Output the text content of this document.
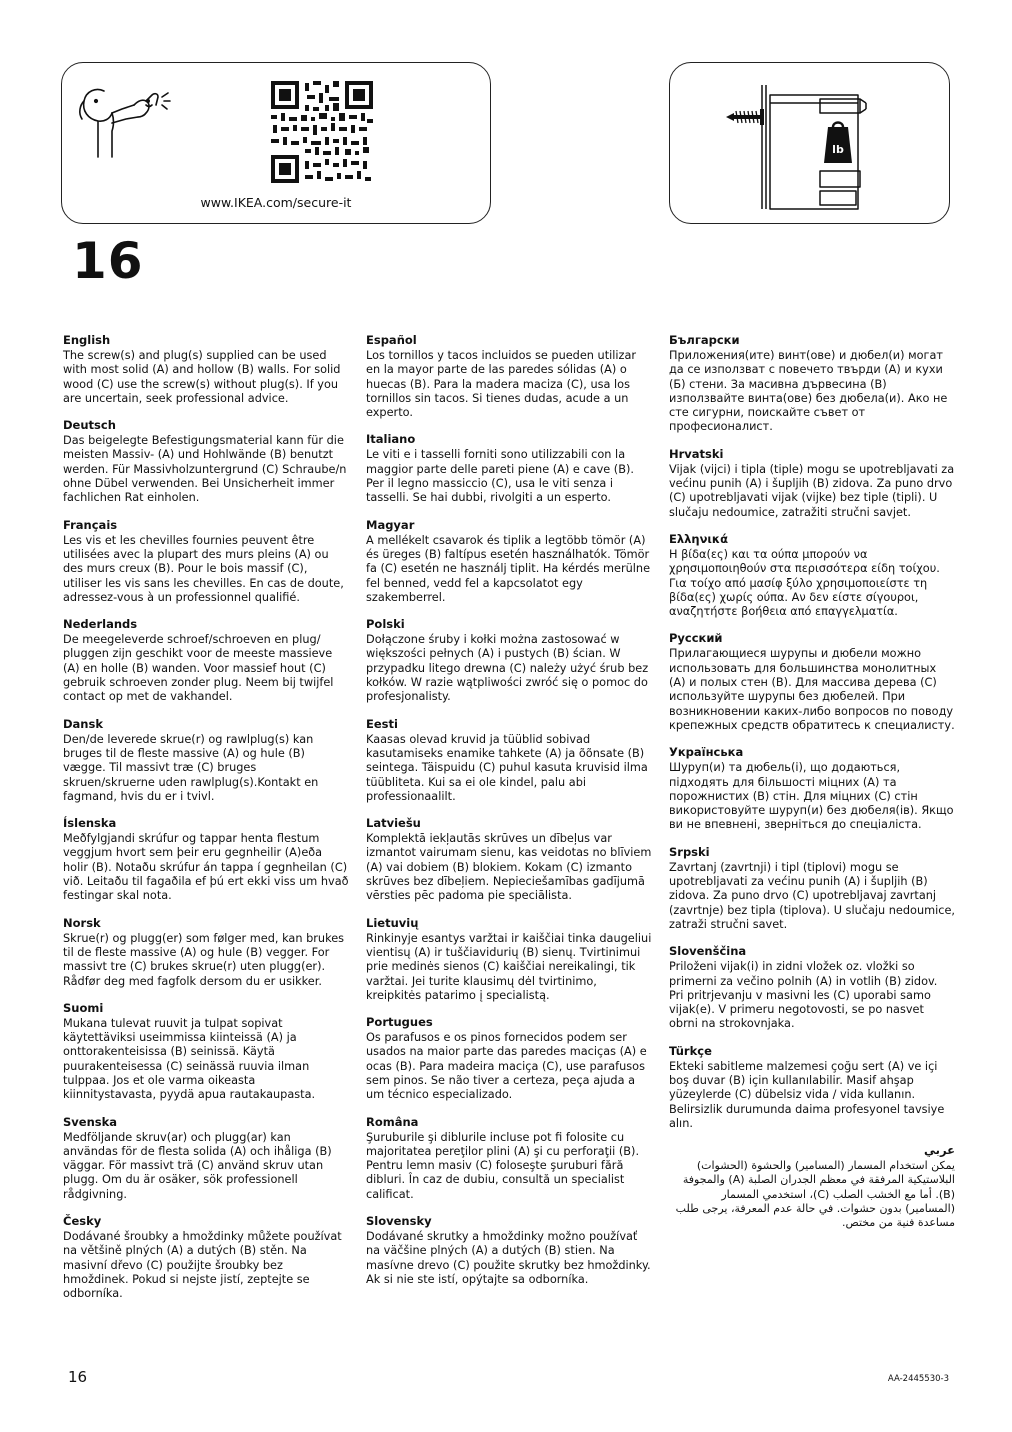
www.IKEA.com/secure-it
lb
16
English

The screw(s) and plug(s) supplied can be used with most solid (A) and hollow (B) walls. For solid wood (C) use the screw(s) without plug(s). If you are uncertain, seek professional advice.

Deutsch

Das beigelegte Befestigungsmaterial kann für die meisten Massiv- (A) und Hohlwände (B) benutzt werden. Für Massivholzuntergrund (C) Schraube/n ohne Dübel verwenden. Bei Unsicherheit immer fachlichen Rat einholen.

Français

Les vis et les chevilles fournies peuvent être utilisées avec la plupart des murs pleins (A) ou des murs creux (B). Pour le bois massif (C), utiliser les vis sans les chevilles. En cas de doute, adressez-vous à un professionnel qualifié.

Nederlands

De meegeleverde schroef/schroeven en plug/ pluggen zijn geschikt voor de meeste massieve (A) en holle (B) wanden. Voor massief hout (C) gebruik schroeven zonder plug. Neem bij twijfel contact op met de vakhandel.

Dansk

Den/de leverede skrue(r) og rawlplug(s) kan bruges til de fleste massive (A) og hule (B) vægge. Til massivt træ (C) bruges skruen/skruerne uden rawlplug(s).Kontakt en fagmand, hvis du er i tvivl.

Íslenska

Meðfylgjandi skrúfur og tappar henta flestum veggjum hvort sem þeir eru gegnheilir (A)eða holir (B). Notaðu skrúfur án tappa í gegnheilan (C) við. Leitaðu til fagaðila ef þú ert ekki viss um hvað festingar skal nota.

Norsk

Skrue(r) og plugg(er) som følger med, kan brukes til de fleste massive (A) og hule (B) vegger. For massivt tre (C) brukes skrue(r) uten plugg(er). Rådfør deg med fagfolk dersom du er usikker.

Suomi

Mukana tulevat ruuvit ja tulpat sopivat käytettäviksi useimmissa kiinteissä (A) ja onttorakenteisissa (B) seinissä. Käytä puurakenteisessa (C) seinässä ruuvia ilman tulppaa. Jos et ole varma oikeasta kiinnitystavasta, pyydä apua rautakaupasta.

Svenska

Medföljande skruv(ar) och plugg(ar) kan användas för de flesta solida (A) och ihåliga (B) väggar. För massivt trä (C) använd skruv utan plugg. Om du är osäker, sök professionell rådgivning.

Česky

Dodávané šroubky a hmoždinky můžete používat na většině plných (A) a dutých (B) stěn. Na masivní dřevo (C) použijte šroubky bez hmoždinek. Pokud si nejste jistí, zeptejte se odborníka.

Español

Los tornillos y tacos incluidos se pueden utilizar en la mayor parte de las paredes sólidas (A) o huecas (B). Para la madera maciza (C), usa los tornillos sin tacos. Si tienes dudas, acude a un experto.

Italiano

Le viti e i tasselli forniti sono utilizzabili con la maggior parte delle pareti piene (A) e cave (B). Per il legno massiccio (C), usa le viti senza i tasselli. Se hai dubbi, rivolgiti a un esperto.

Magyar

A mellékelt csavarok és tiplik a legtöbb tömör (A) és üreges (B) faltípus esetén használhatók. Tömör fa (C) esetén ne használj tiplit. Ha kérdés merülne fel benned, vedd fel a kapcsolatot egy szakemberrel.

Polski

Dołączone śruby i kołki można zastosować w większości pełnych (A) i pustych (B) ścian. W przypadku litego drewna (C) należy użyć śrub bez kołków. W razie wątpliwości zwróć się o pomoc do profesjonalisty.

Eesti

Kaasas olevad kruvid ja tüüblid sobivad kasutamiseks enamike tahkete (A) ja õõnsate (B) seintega. Täispuidu (C) puhul kasuta kruvisid ilma tüübliteta. Kui sa ei ole kindel, palu abi professionaalilt.

Latviešu

Komplektā iekļautās skrūves un dībeļus var izmantot vairumam sienu, kas veidotas no blīviem (A) vai dobiem (B) blokiem. Kokam (C) izmanto skrūves bez dībeļiem. Nepieciešamības gadījumā vērsties pēc padoma pie speciālista.

Lietuvių

Rinkinyje esantys varžtai ir kaiščiai tinka daugeliui vientisų (A) ir tuščiavidurių (B) sienų. Tvirtinimui prie medinės sienos (C) kaiščiai nereikalingi, tik varžtai. Jei turite klausimų dėl tvirtinimo, kreipkitės patarimo į specialistą.

Portugues

Os parafusos e os pinos fornecidos podem ser usados na maior parte das paredes maciças (A) e ocas (B). Para madeira maciça (C), use parafusos sem pinos. Se não tiver a certeza, peça ajuda a um técnico especializado.

Româna

Şuruburile şi diblurile incluse pot fi folosite cu majoritatea pereţilor plini (A) şi cu perforaţii (B). Pentru lemn masiv (C) foloseşte şuruburi fără dibluri. În caz de dubiu, consultă un specialist calificat.

Slovensky

Dodávané skrutky a hmoždinky možno používať na väčšine plných (A) a dutých (B) stien. Na masívne drevo (C) použite skrutky bez hmoždinky. Ak si nie ste istí, opýtajte sa odborníka.

Български

Приложения(ите) винт(ове) и дюбел(и) могат да се използват с повечето твърди (А) и кухи (Б) стени. За масивна дървесина (В) използвайте винта(ове) без дюбела(и). Ако не сте сигурни, поискайте съвет от професионалист.

Hrvatski

Vijak (vijci) i tipla (tiple) mogu se upotrebljavati za većinu punih (A) i šupljih (B) zidova. Za puno drvo (C) upotrebljavati vijak (vijke) bez tiple (tipli). U slučaju nedoumice, zatražiti stručni savjet.

Ελληνικά

Η βίδα(ες) και τα ούπα μπορούν να χρησιμοποιηθούν στα περισσότερα είδη τοίχου. Για τοίχο από μασίφ ξύλο χρησιμοποιείστε τη βίδα(ες) χωρίς ούπα. Αν δεν είστε σίγουροι, αναζητήστε βοήθεια από επαγγελματία.

Русский

Прилагающиеся шурупы и дюбели можно использовать для большинства монолитных (A) и полых стен (B). Для массива дерева (C) используйте шурупы без дюбелей. При возникновении каких-либо вопросов по поводу крепежных средств обратитесь к специалисту.

Українська

Шуруп(и) та дюбель(і), що додаються, підходять для більшості міцних (A) та порожнистих (B) стін. Для міцних (C) стін використовуйте шуруп(и) без дюбеля(ів). Якщо ви не впевнені, зверніться до спеціаліста.

Srpski

Zavrtanj (zavrtnji) i tipl (tiplovi) mogu se upotrebljavati za većinu punih (A) i šupljih (B) zidova. Za puno drvo (C) upotrebljavaj zavrtanj (zavrtnje) bez tipla (tiplova). U slučaju nedoumice, zatraži stručni savet.

Slovenščina

Priloženi vijak(i) in zidni vložek oz. vložki so primerni za večino polnih (A) in votlih (B) zidov. Pri pritrjevanju v masivni les (C) uporabi samo vijak(e). V primeru negotovosti, se po nasvet obrni na strokovnjaka.

Türkçe

Ekteki sabitleme malzemesi çoğu sert (A) ve içi boş duvar (B) için kullanılabilir. Masif ahşap yüzeylerde (C) dübelsiz vida / vida kullanın. Belirsizlik durumunda daima profesyonel tavsiye alın.

عربي

يمكن استخدام المسمار (المسامير) والحشوة (الحشوات) البلاستيكية المرفقة في معظم الجدران الصلبة (A) والمجوفة (B). أما مع الخشب الصلب (C)، استخدمي المسمار (المسامير) بدون حشوات. في حالة عدم المعرفة، يرجى طلب مساعدة فنية من مختص.

16	AA-2445530-3
